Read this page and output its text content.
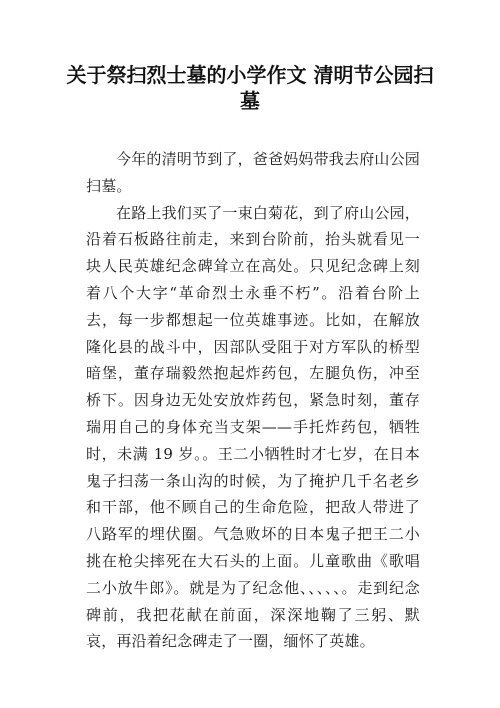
关于祭扫烈士墓的小学作文 清明节公园扫墓

今年的清明节到了，爸爸妈妈带我去府山公园扫墓。

在路上我们买了一束白菊花，到了府山公园，沿着石板路往前走，来到台阶前，抬头就看见一块人民英雄纪念碑耸立在高处。只见纪念碑上刻着八个大字“革命烈士永垂不朽”。沿着台阶上去，每一步都想起一位英雄事迹。比如，在解放隆化县的战斗中，因部队受阻于对方军队的桥型暗堡，董存瑞毅然抱起炸药包，左腿负伤，冲至桥下。因身边无处安放炸药包，紧急时刻，董存瑞用自己的身体充当支架——手托炸药包，牺牲时，未满 19 岁。。王二小牺牲时才七岁，在日本鬼子扫荡一条山沟的时候，为了掩护几千名老乡和干部，他不顾自己的生命危险，把敌人带进了八路军的埋伏圈。气急败坏的日本鬼子把王二小挑在枪尖摔死在大石头的上面。儿童歌曲《歌唱二小放牛郎》。就是为了纪念他、、、、、。走到纪念碑前，我把花献在前面，深深地鞠了三躬、默哀，再沿着纪念碑走了一圈，缅怀了英雄。
